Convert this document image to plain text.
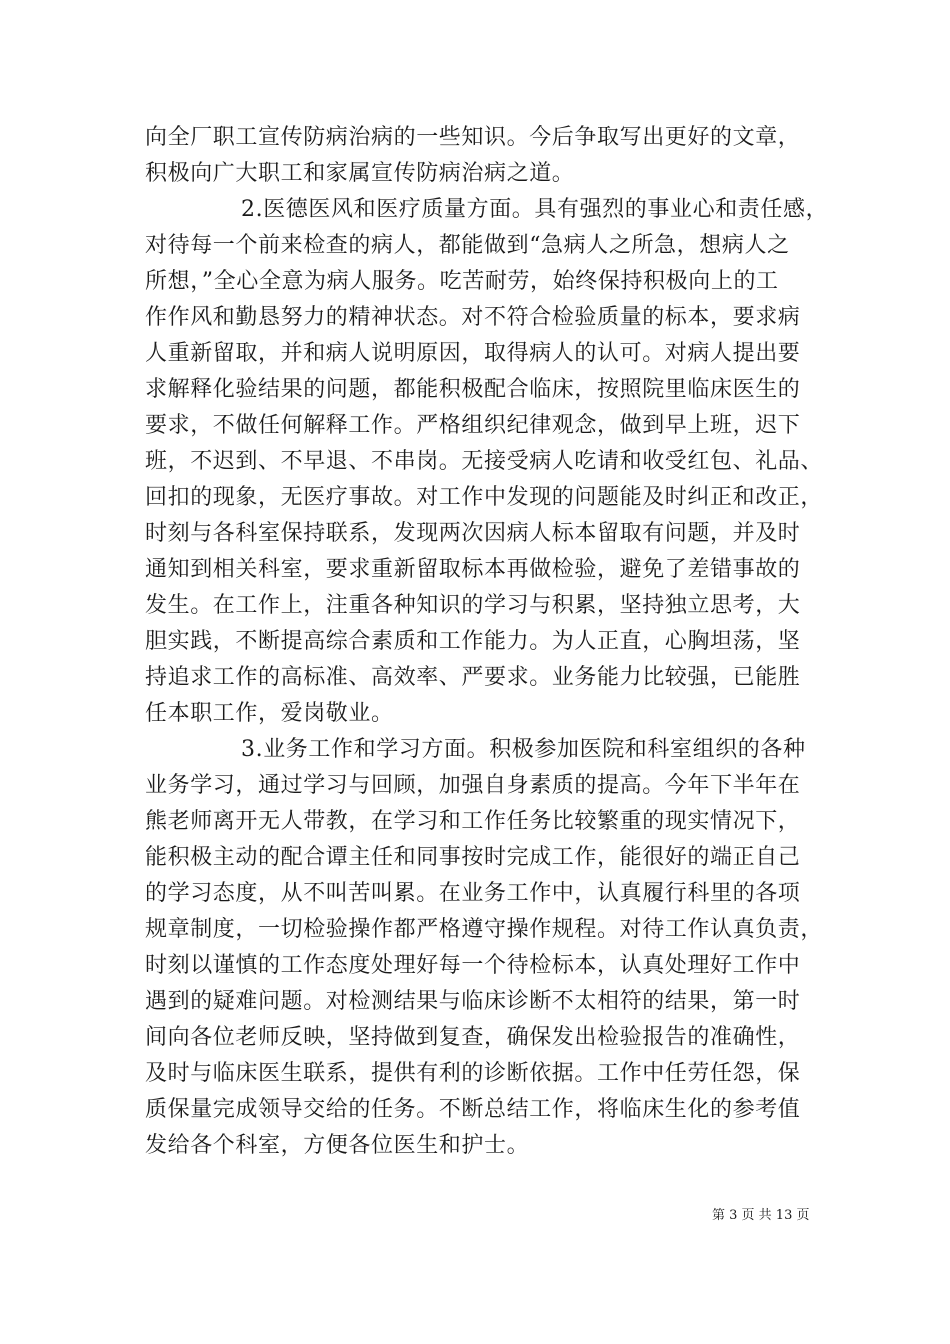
向全厂职工宣传防病治病的一些知识。今后争取写出更好的文章，
积极向广大职工和家属宣传防病治病之道。
2.医德医风和医疗质量方面。具有强烈的事业心和责任感，
对待每一个前来检查的病人，都能做到“急病人之所急，想病人之
所想，”全心全意为病人服务。吃苦耐劳，始终保持积极向上的工
作作风和勤恳努力的精神状态。对不符合检验质量的标本，要求病
人重新留取，并和病人说明原因，取得病人的认可。对病人提出要
求解释化验结果的问题，都能积极配合临床，按照院里临床医生的
要求，不做任何解释工作。严格组织纪律观念，做到早上班，迟下
班，不迟到、不早退、不串岗。无接受病人吃请和收受红包、礼品、
回扣的现象，无医疗事故。对工作中发现的问题能及时纠正和改正，
时刻与各科室保持联系，发现两次因病人标本留取有问题，并及时
通知到相关科室，要求重新留取标本再做检验，避免了差错事故的
发生。在工作上，注重各种知识的学习与积累，坚持独立思考，大
胆实践，不断提高综合素质和工作能力。为人正直，心胸坦荡，坚
持追求工作的高标准、高效率、严要求。业务能力比较强，已能胜
任本职工作，爱岗敬业。
3.业务工作和学习方面。积极参加医院和科室组织的各种
业务学习，通过学习与回顾，加强自身素质的提高。今年下半年在
熊老师离开无人带教，在学习和工作任务比较繁重的现实情况下，
能积极主动的配合谭主任和同事按时完成工作，能很好的端正自己
的学习态度，从不叫苦叫累。在业务工作中，认真履行科里的各项
规章制度，一切检验操作都严格遵守操作规程。对待工作认真负责，
时刻以谨慎的工作态度处理好每一个待检标本，认真处理好工作中
遇到的疑难问题。对检测结果与临床诊断不太相符的结果，第一时
间向各位老师反映，坚持做到复查，确保发出检验报告的准确性，
及时与临床医生联系，提供有利的诊断依据。工作中任劳任怨，保
质保量完成领导交给的任务。不断总结工作，将临床生化的参考值
发给各个科室，方便各位医生和护士。
第 3 页 共 13 页
